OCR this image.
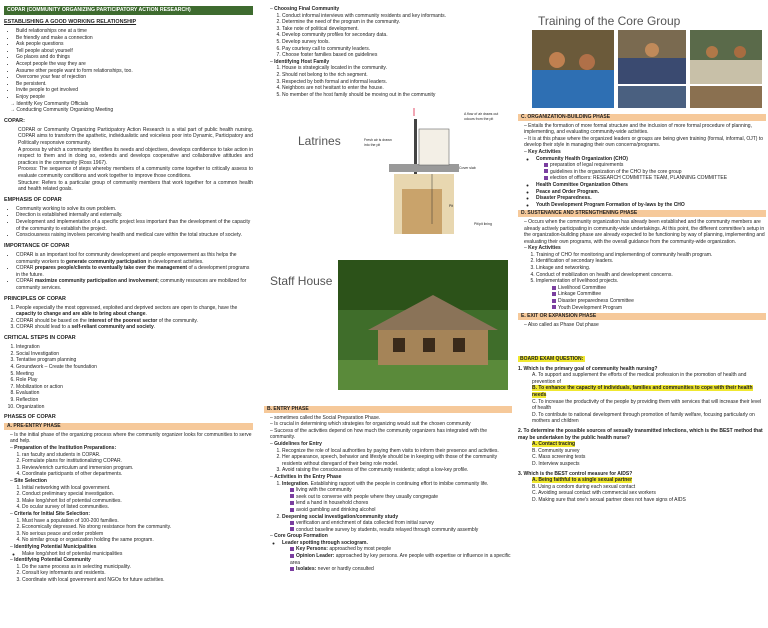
COPAR (COMMUNITY ORGANIZING PARTICIPATORY ACTION RESEARCH)
ESTABLISHING A GOOD WORKING RELATIONSHIP
• Build relationships one at a time
• Be friendly and make a connection
• Ask people questions
• Tell people about yourself
• Go places and do things
• Accept people the way they are
• Assume other people want to form relationships, too.
• Overcome your fear of rejection
• Be persistent.
• Invite people to get involved
• Enjoy people
→ Identify Key Community Officials
→ Conducting Community Organizing Meeting
COPAR:
COPAR or Community Organizing Participatory Action Research is a vital part of public health nursing. COPAR aims to transform the apathetic, individualistic and voiceless poor into Dynamic, Participatory and Politically responsive community.
A process by which a community identifies its needs and objectives, develops confidence to take action in respect to them and in doing so, extends and develops cooperative and collaborative attitudes and practices in the community (Ross 1967).
Process: The sequence of steps whereby members of a community come together to critically assess to evaluate community conditions and work together to improve those conditions.
Structure: Refers to a particular group of community members that work together for a common health and health related goals.
EMPHASIS OF COPAR
• Community working to solve its own problem.
• Direction is established internally and externally.
• Development and implementation of a specific project less important than the development of the capacity of the community to establish the project.
• Consciousness raising involves perceiving health and medical care within the total structure of society.
IMPORTANCE OF COPAR
• COPAR is an important tool for community development and people empowerment as this helps the community workers to generate community participation in development activities.
• COPAR prepares people/clients to eventually take over the management of a development programs in the future.
• COPAR maximize community participation and involvement; community resources are mobilized for community services.
PRINCIPLES OF COPAR
1. People especially the most oppressed, exploited and deprived sectors are open to change, have the capacity to change and are able to bring about change.
2. COPAR should be based on the interest of the poorest sector of the community.
3. COPAR should lead to a self-reliant community and society.
CRITICAL STEPS IN COPAR
1. Integration
2. Social Investigation
3. Tentative program planning
4. Groundwork – Create the foundation
5. Meeting
6. Role Play
7. Mobilization or action
8. Evaluation
9. Reflection
10. Organization
PHASES OF COPAR
A. PRE-ENTRY PHASE
– Is the initial phase of the organizing process where the community organizer looks for communities to serve and help.
– Preparation of the Institution Preparations:
1. ran faculty and students in COPAR.
2. Formulate plans for institutionalizing COPAR.
3. Review/enrich curriculum and immersion program.
4. Coordinate participants of other departments.
– Site Selection
1. Initial networking with local government.
2. Conduct preliminary special investigation.
3. Make long/short list of potential communities.
4. Do ocular survey of listed communities.
– Criteria for Initial Site Selection:
1. Must have a population of 100-200 families.
2. Economically depressed. No strong resistance from the community.
3. No serious peace and order problem
4. No similar group or organization holding the same program.
– Identifying Potential Municipalities
◦ Make long/short list of potential municipalities
– Identifying Potential Community
1. Do the same process as in selecting municipality.
2. Consult key informants and residents.
3. Coordinate with local government and NGOs for future activities.
– Choosing Final Community
1. Conduct informal interviews with community residents and key informants.
2. Determine the need of the program in the community.
3. Take note of political development.
4. Develop community profiles for secondary data.
5. Develop survey tools.
6. Pay courtesy call to community leaders.
7. Choose foster families based on guidelines
– Identifying Host Family
1. House is strategically located in the community.
2. Should not belong to the rich segment.
3. Respected by both formal and informal leaders.
4. Neighbors are not hesitant to enter the house.
5. No member of the host family should be moving out in the community
Latrines
A flow of air draws out odours from the pit
Fresh air is drawn into the pit
Cover slab
Pit
Pit/pit lining
Staff House
B. ENTRY PHASE
– sometimes called the Social Preparation Phase.
– Is crucial in determining which strategies for organizing would suit the chosen community
– Success of the activities depend on how much the community organizers has integrated with the community.
– Guidelines for Entry
1. Recognize the role of local authorities by paying them visits to inform their presence and activities.
2. Her appearance, speech, behavior and lifestyle should be in keeping with those of the community residents without disregard of their being role model.
3. Avoid raising the consciousness of the community residents; adopt a low-key profile.
– Activities in the Entry Phase
1. Integration. Establishing rapport with the people in continuing effort to imbibe community life.
living with the community
seek out to converse with people where they usually congregate
lend a hand in household chores
avoid gambling and drinking alcohol
2. Deepening social investigation/community study
verification and enrichment of data collected from initial survey
conduct baseline survey by students, results relayed through community assembly
– Core Group Formation
◦ Leader spotting through sociogram.
Key Persons: approached by most people
Opinion Leader: approached by key persons. Are people with expertise or influence in a specific area
Isolates: never or hardly consulted
Training of the Core Group
C. ORGANIZATION-BUILDING PHASE
– Entails the formation of more formal structure and the inclusion of more formal procedure of planning, implementing, and evaluating community-wide activities.
– It is at this phase where the organized leaders or groups are being given training (formal, informal, OJT) to develop their style in managing their own concerns/programs.
– Key Activities
◦ Community Health Organization (CHO)
preparation of legal requirements
guidelines in the organization of the CHO by the core group
election of officers: RESEARCH COMMITTEE TEAM, PLANNING COMMITTEE
◦ Health Committee Organization Others
◦ Peace and Order Program.
◦ Disaster Preparedness.
◦ Youth Development Program Formation of by-laws by the CHO
D. SUSTENANCE AND STRENGTHENING PHASE
– Occurs when the community organization has already been established and the community members are already actively participating in community-wide undertakings. At this point, the different committee's setup in the organization-building phase are already expected to be functioning by way of planning, implementing and evaluating their own programs, with the overall guidance from the community-wide organization.
– Key Activities
1. Training of CHO for monitoring and implementing of community health program.
2. Identification of secondary leaders.
3. Linkage and networking.
4. Conduct of mobilization on health and development concerns.
5. Implementation of livelihood projects.
Livelihood Committee
Linkage Committee
Disaster preparedness Committee
Youth Development Program
E. EXIT OR EXPANSION PHASE
– Also called as Phase Out phase
BOARD EXAM QUESTION:
1. Which is the primary goal of community health nursing?
A. To support and supplement the efforts of the medical profession in the promotion of health and prevention of
B. To enhance the capacity of individuals, families and communities to cope with their health needs
C. To increase the productivity of the people by providing them with services that will increase their level of health
D. To contribute to national development through promotion of family welfare, focusing particularly on mothers and children
2. To determine the possible sources of sexually transmitted infections, which is the BEST method that may be undertaken by the public health nurse?
A. Contact tracing
B. Community survey
C. Mass screening tests
D. Interview suspects
3. Which is the BEST control measure for AIDS?
A. Being faithful to a single sexual partner
B. Using a condom during each sexual contact
C. Avoiding sexual contact with commercial sex workers
D. Making sure that one's sexual partner does not have signs of AIDS
